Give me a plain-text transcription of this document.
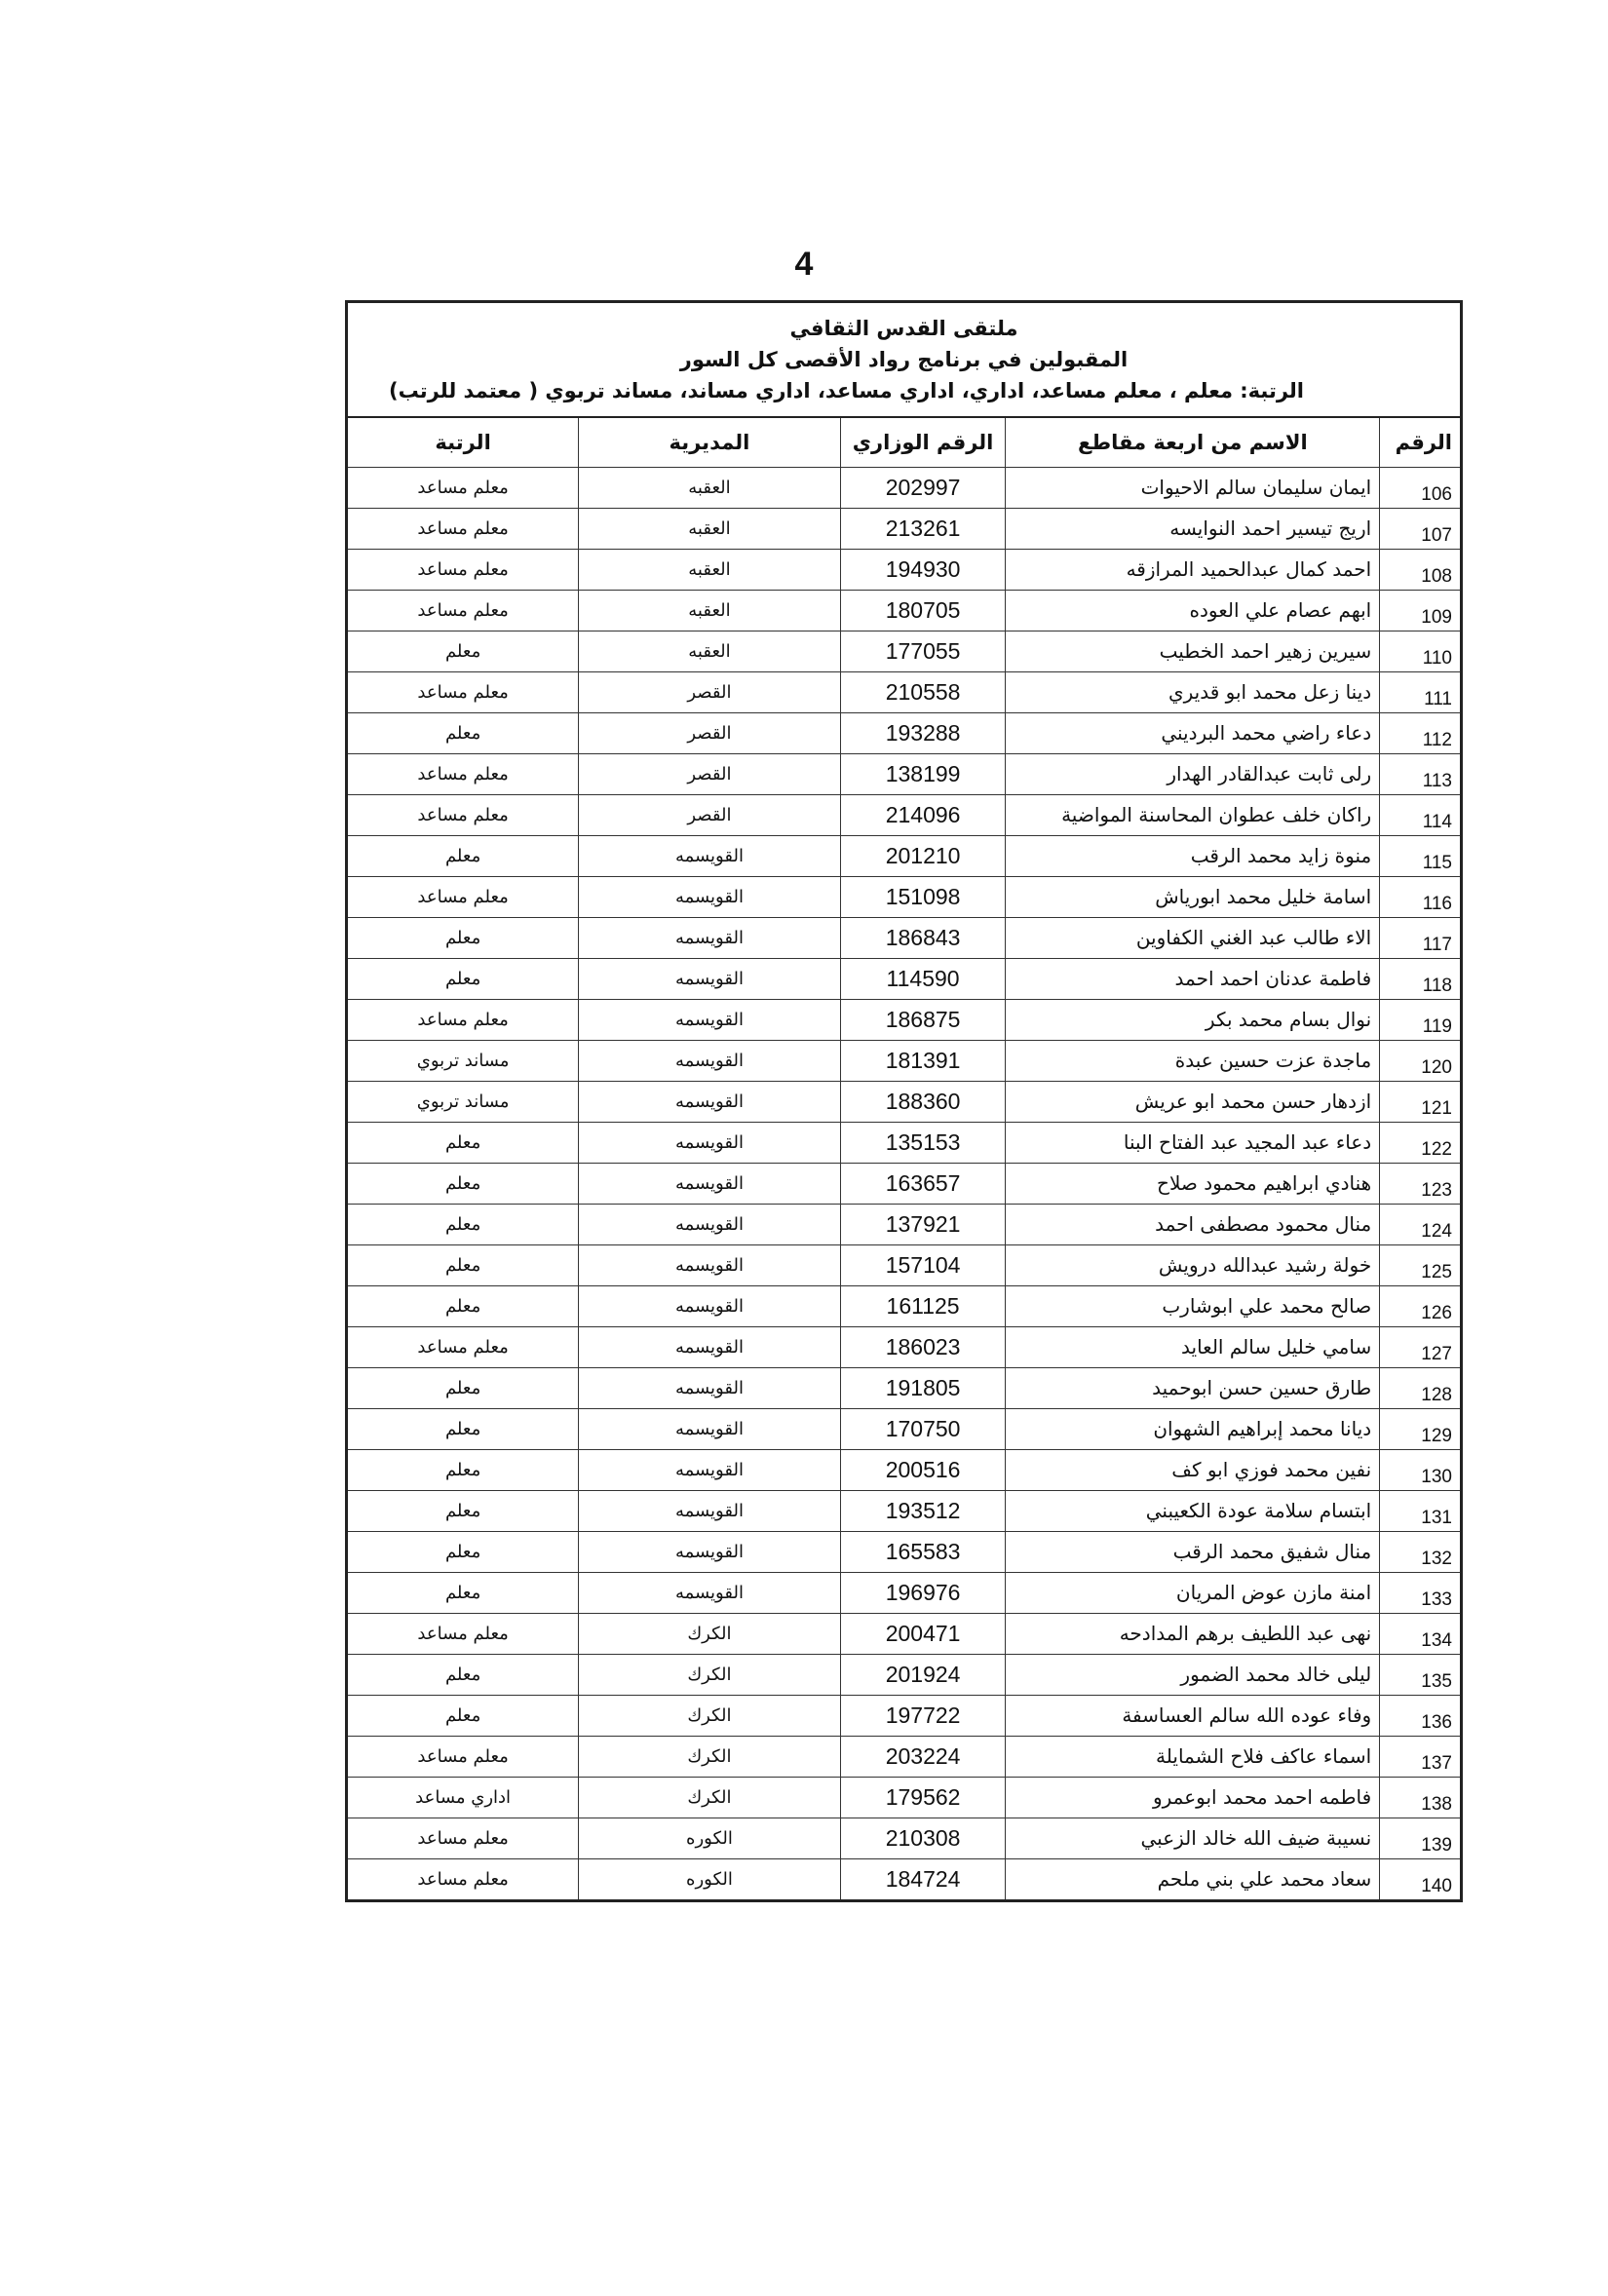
4
ملتقى القدس الثقافي
المقبولين في برنامج رواد الأقصى كل السور
الرتبة: معلم ، معلم مساعد، اداري، اداري مساعد، اداري مساند، مساند تربوي ( معتمد للرتب)
الرقم	الاسم من اربعة مقاطع	الرقم الوزاري	المديرية	الرتبة
106	ايمان سليمان سالم الاحيوات	202997	العقبه	معلم مساعد
107	اريج تيسير احمد النوايسه	213261	العقبه	معلم مساعد
108	احمد كمال عبدالحميد المرازقه	194930	العقبه	معلم مساعد
109	ابهم عصام علي العوده	180705	العقبه	معلم مساعد
110	سيرين زهير احمد الخطيب	177055	العقبه	معلم
111	دينا زعل محمد ابو قديري	210558	القصر	معلم مساعد
112	دعاء راضي محمد البرديني	193288	القصر	معلم
113	رلى ثابت عبدالقادر الهدار	138199	القصر	معلم مساعد
114	راكان خلف عطوان المحاسنة المواضية	214096	القصر	معلم مساعد
115	منوة زايد محمد الرقب	201210	القويسمه	معلم
116	اسامة خليل محمد ابورياش	151098	القويسمه	معلم مساعد
117	الاء طالب عبد الغني الكفاوين	186843	القويسمه	معلم
118	فاطمة عدنان احمد احمد	114590	القويسمه	معلم
119	نوال بسام محمد بكر	186875	القويسمه	معلم مساعد
120	ماجدة عزت حسين عبدة	181391	القويسمه	مساند تربوي
121	ازدهار حسن محمد ابو عريش	188360	القويسمه	مساند تربوي
122	دعاء عبد المجيد عبد الفتاح البنا	135153	القويسمه	معلم
123	هنادي ابراهيم محمود صلاح	163657	القويسمه	معلم
124	منال محمود مصطفى احمد	137921	القويسمه	معلم
125	خولة رشيد عبدالله درويش	157104	القويسمه	معلم
126	صالح محمد علي ابوشارب	161125	القويسمه	معلم
127	سامي خليل سالم العايد	186023	القويسمه	معلم مساعد
128	طارق حسين حسن ابوحميد	191805	القويسمه	معلم
129	ديانا محمد إبراهيم الشهوان	170750	القويسمه	معلم
130	نفين محمد فوزي ابو كف	200516	القويسمه	معلم
131	ابتسام سلامة عودة الكعيبني	193512	القويسمه	معلم
132	منال شفيق محمد الرقب	165583	القويسمه	معلم
133	امنة مازن عوض المريان	196976	القويسمه	معلم
134	نهى عبد اللطيف برهم المدادحه	200471	الكرك	معلم مساعد
135	ليلى خالد محمد الضمور	201924	الكرك	معلم
136	وفاء عوده الله سالم العساسفة	197722	الكرك	معلم
137	اسماء عاكف فلاح الشمايلة	203224	الكرك	معلم مساعد
138	فاطمه احمد محمد ابوعمرو	179562	الكرك	اداري مساعد
139	نسيبة ضيف الله خالد الزعبي	210308	الكوره	معلم مساعد
140	سعاد محمد علي بني ملحم	184724	الكوره	معلم مساعد
